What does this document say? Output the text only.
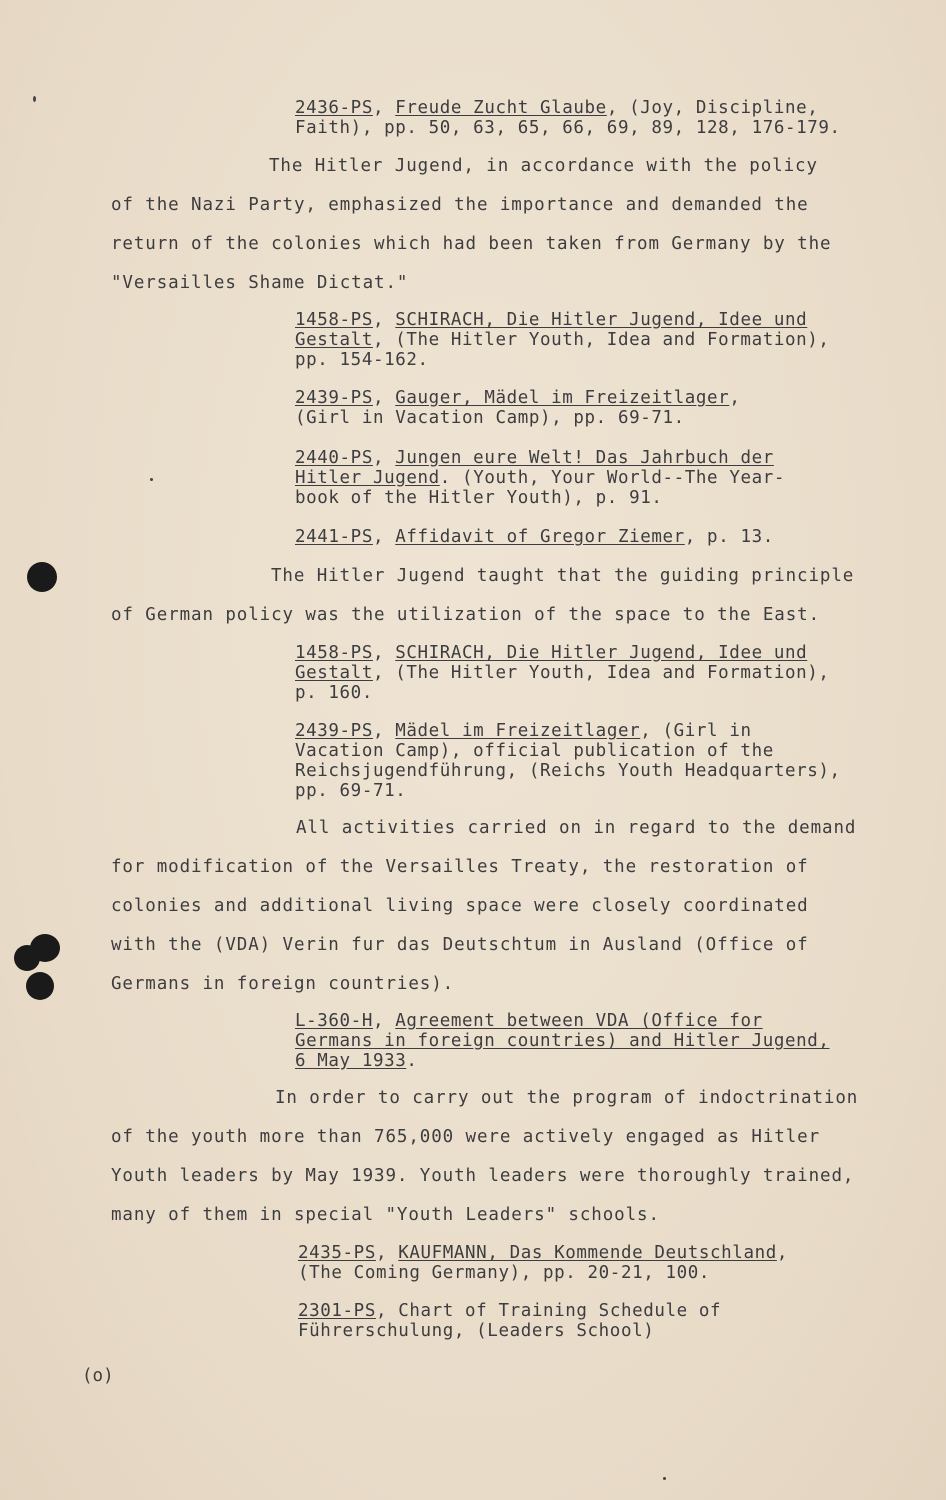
2436-PS, Freude Zucht Glaube, (Joy, Discipline,
Faith), pp. 50, 63, 65, 66, 69, 89, 128, 176-179.
The Hitler Jugend, in accordance with the policy
of the Nazi Party, emphasized the importance and demanded the
return of the colonies which had been taken from Germany by the
"Versailles Shame Dictat."
1458-PS, SCHIRACH, Die Hitler Jugend, Idee und
Gestalt, (The Hitler Youth, Idea and Formation),
pp. 154-162.
2439-PS, Gauger, Mädel im Freizeitlager,
(Girl in Vacation Camp), pp. 69-71.
2440-PS, Jungen eure Welt! Das Jahrbuch der
Hitler Jugend. (Youth, Your World--The Year-
book of the Hitler Youth), p. 91.
2441-PS, Affidavit of Gregor Ziemer, p. 13.
The Hitler Jugend taught that the guiding principle
of German policy was the utilization of the space to the East.
1458-PS, SCHIRACH, Die Hitler Jugend, Idee und
Gestalt, (The Hitler Youth, Idea and Formation),
p. 160.
2439-PS, Mädel im Freizeitlager, (Girl in
Vacation Camp), official publication of the
Reichsjugendführung, (Reichs Youth Headquarters),
pp. 69-71.
All activities carried on in regard to the demand
for modification of the Versailles Treaty, the restoration of
colonies and additional living space were closely coordinated
with the (VDA) Verin fur das Deutschtum in Ausland (Office of
Germans in foreign countries).
L-360-H, Agreement between VDA (Office for
Germans in foreign countries) and Hitler Jugend,
6 May 1933.
In order to carry out the program of indoctrination
of the youth more than 765,000 were actively engaged as Hitler
Youth leaders by May 1939. Youth leaders were thoroughly trained,
many of them in special "Youth Leaders" schools.
2435-PS, KAUFMANN, Das Kommende Deutschland,
(The Coming Germany), pp. 20-21, 100.
2301-PS, Chart of Training Schedule of
Führerschulung, (Leaders School)
(o)
